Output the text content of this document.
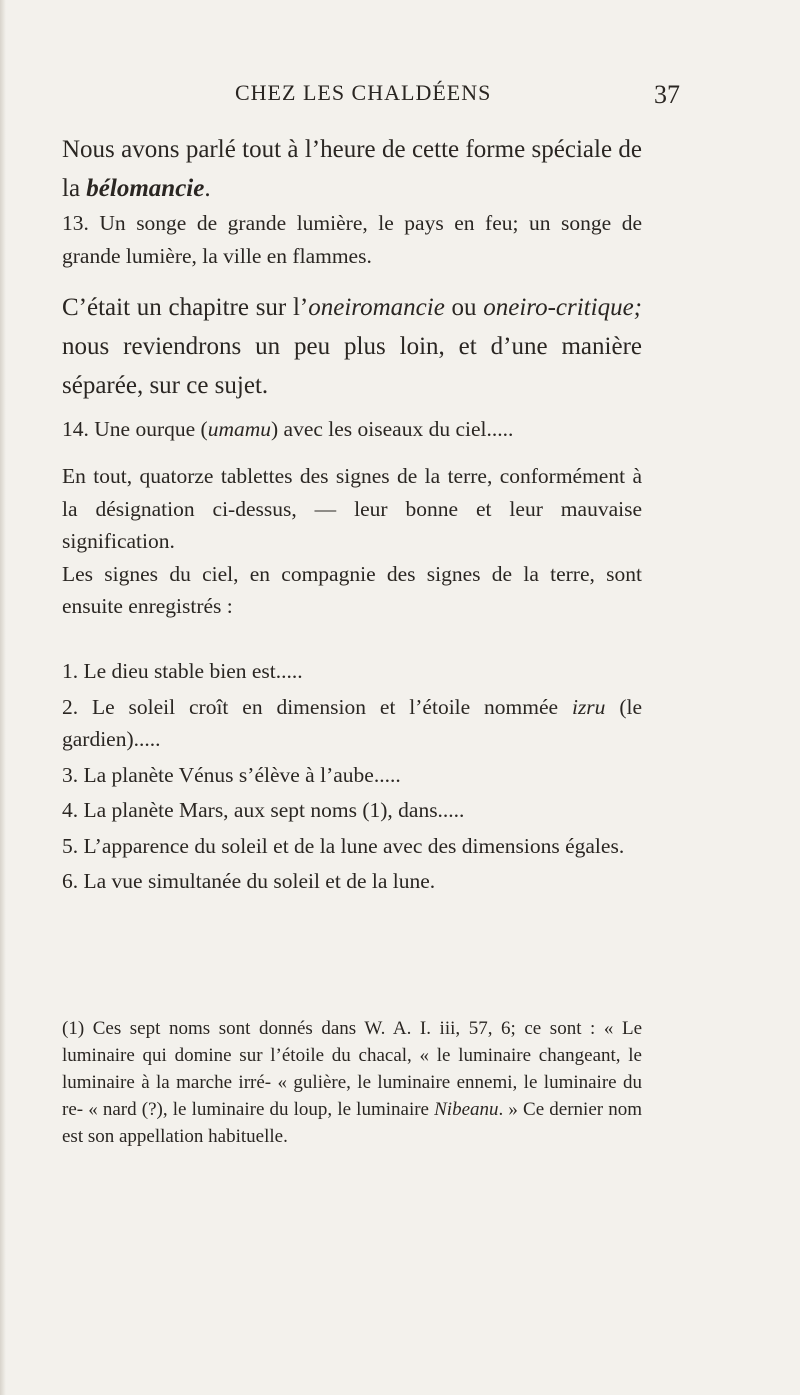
CHEZ LES CHALDÉENS	37

Nous avons parlé tout à l’heure de cette forme spéciale de la bélomancie.

13. Un songe de grande lumière, le pays en feu; un songe de grande lumière, la ville en flammes.

C’était un chapitre sur l’oneiromancie ou oneiro-critique; nous reviendrons un peu plus loin, et d’une manière séparée, sur ce sujet.

14. Une ourque (umamu) avec les oiseaux du ciel.....

En tout, quatorze tablettes des signes de la terre, conformément à la désignation ci-dessus, — leur bonne et leur mauvaise signification.

Les signes du ciel, en compagnie des signes de la terre, sont ensuite enregistrés :

1. Le dieu stable bien est.....

2. Le soleil croît en dimension et l’étoile nommée izru (le gardien).....

3. La planète Vénus s’élève à l’aube.....

4. La planète Mars, aux sept noms (1), dans.....

5. L’apparence du soleil et de la lune avec des dimensions égales.

6. La vue simultanée du soleil et de la lune.

(1) Ces sept noms sont donnés dans W. A. I. iii, 57, 6; ce sont : « Le luminaire qui domine sur l’étoile du chacal, « le luminaire changeant, le luminaire à la marche irré- « gulière, le luminaire ennemi, le luminaire du re- « nard (?), le luminaire du loup, le luminaire Nibeanu. » Ce dernier nom est son appellation habituelle.
